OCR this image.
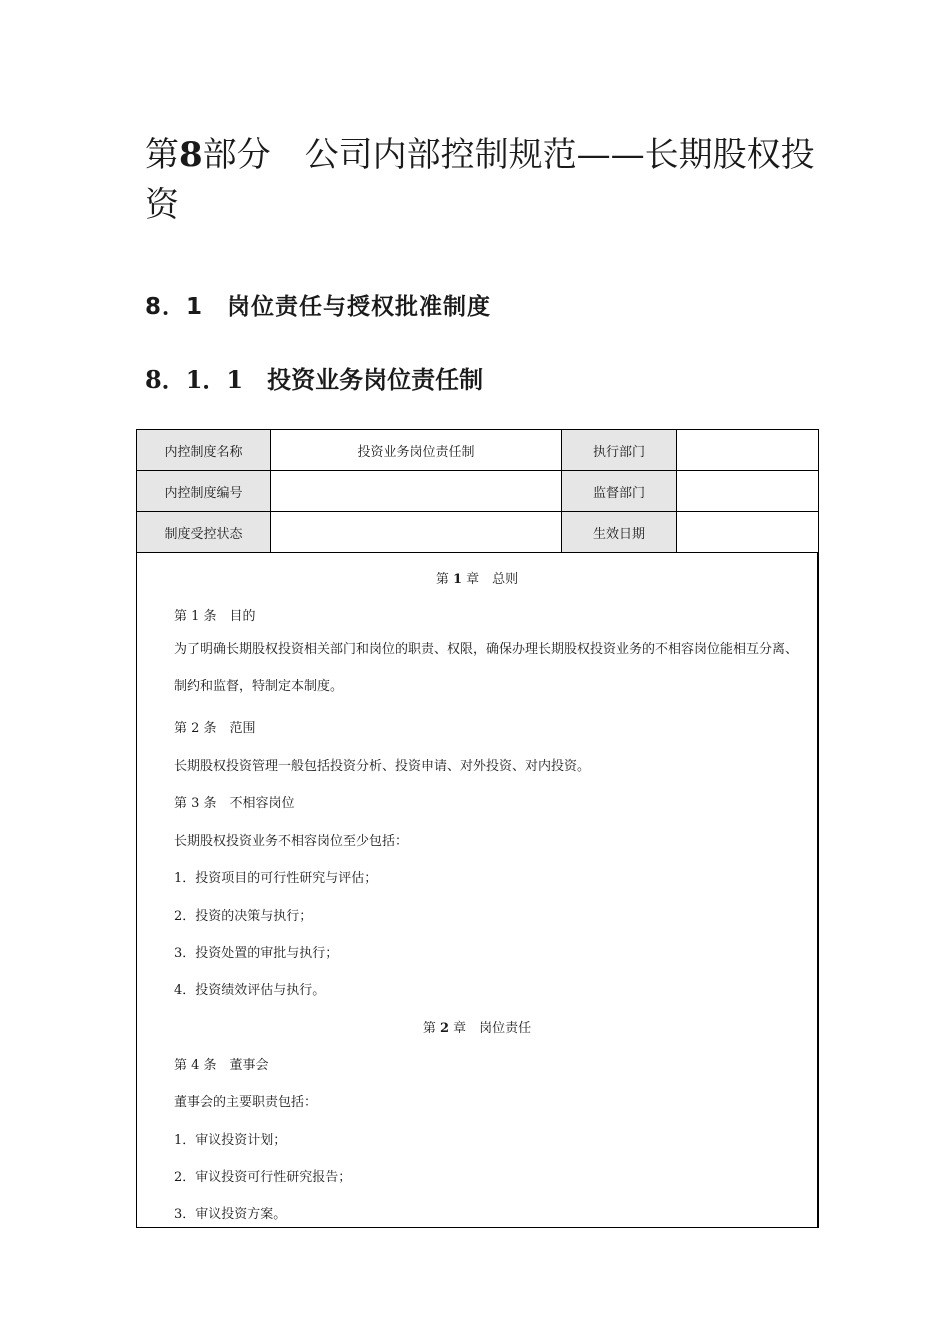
第8部分　公司内部控制规范——长期股权投资
8．1　岗位责任与授权批准制度
8．1．1　 投资业务岗位责任制
内控制度名称	投资业务岗位责任制	执行部门	
内控制度编号		监督部门	
制度受控状态		生效日期	
第 1 章　总则
第 1 条　目的
为了明确长期股权投资相关部门和岗位的职责、权限，确保办理长期股权投资业务的不相容岗位能相互分离、制约和监督，特制定本制度。
第 2 条　范围
长期股权投资管理一般包括投资分析、投资申请、对外投资、对内投资。
第 3 条　不相容岗位
长期股权投资业务不相容岗位至少包括：
1．投资项目的可行性研究与评估；
2．投资的决策与执行；
3．投资处置的审批与执行；
4．投资绩效评估与执行。
第 2 章　岗位责任
第 4 条　董事会
董事会的主要职责包括：
1．审议投资计划；
2．审议投资可行性研究报告；
3．审议投资方案。
